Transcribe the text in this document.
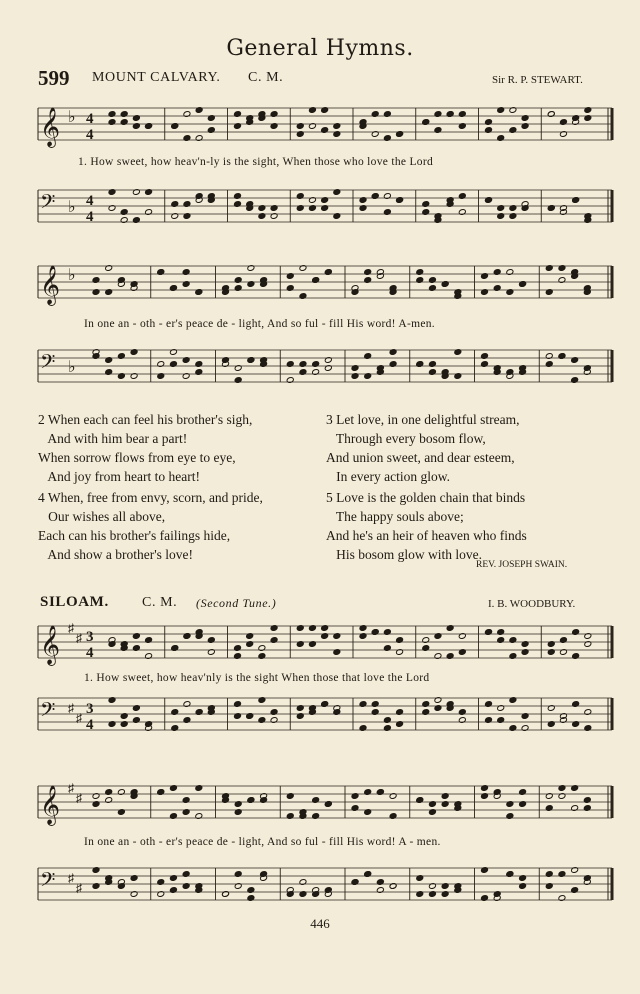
General Hymns.
599 MOUNT CALVARY. C. M.	Sir R. P. STEWART.
𝄞 ♭ 4
4
1. How sweet, how heav'n-ly is the sight, When those who love the Lord
𝄢 ♭ 4
4
𝄞 ♭
In one an - oth - er's peace de - light, And so ful - fill His word! A-men.
𝄢 ♭
2 When each can feel his brother's sigh,
And with him bear a part!
When sorrow flows from eye to eye,
And joy from heart to heart!
3 Let love, in one delightful stream,
Through every bosom flow,
And union sweet, and dear esteem,
In every action glow.
4 When, free from envy, scorn, and pride,
Our wishes all above,
Each can his brother's failings hide,
And show a brother's love!
5 Love is the golden chain that binds
The happy souls above;
And he's an heir of heaven who finds
His bosom glow with love.
REV. JOSEPH SWAIN.
SILOAM. C. M. (Second Tune.)	I. B. WOODBURY.
𝄞 ♯
♯ 3
4
1. How sweet, how heav'nly is the sight When those that love the Lord
𝄢 ♯
♯
3
4
𝄞 ♯
♯
In one an - oth - er's peace de - light, And so ful - fill His word! A - men.
𝄢 ♯
♯
446
